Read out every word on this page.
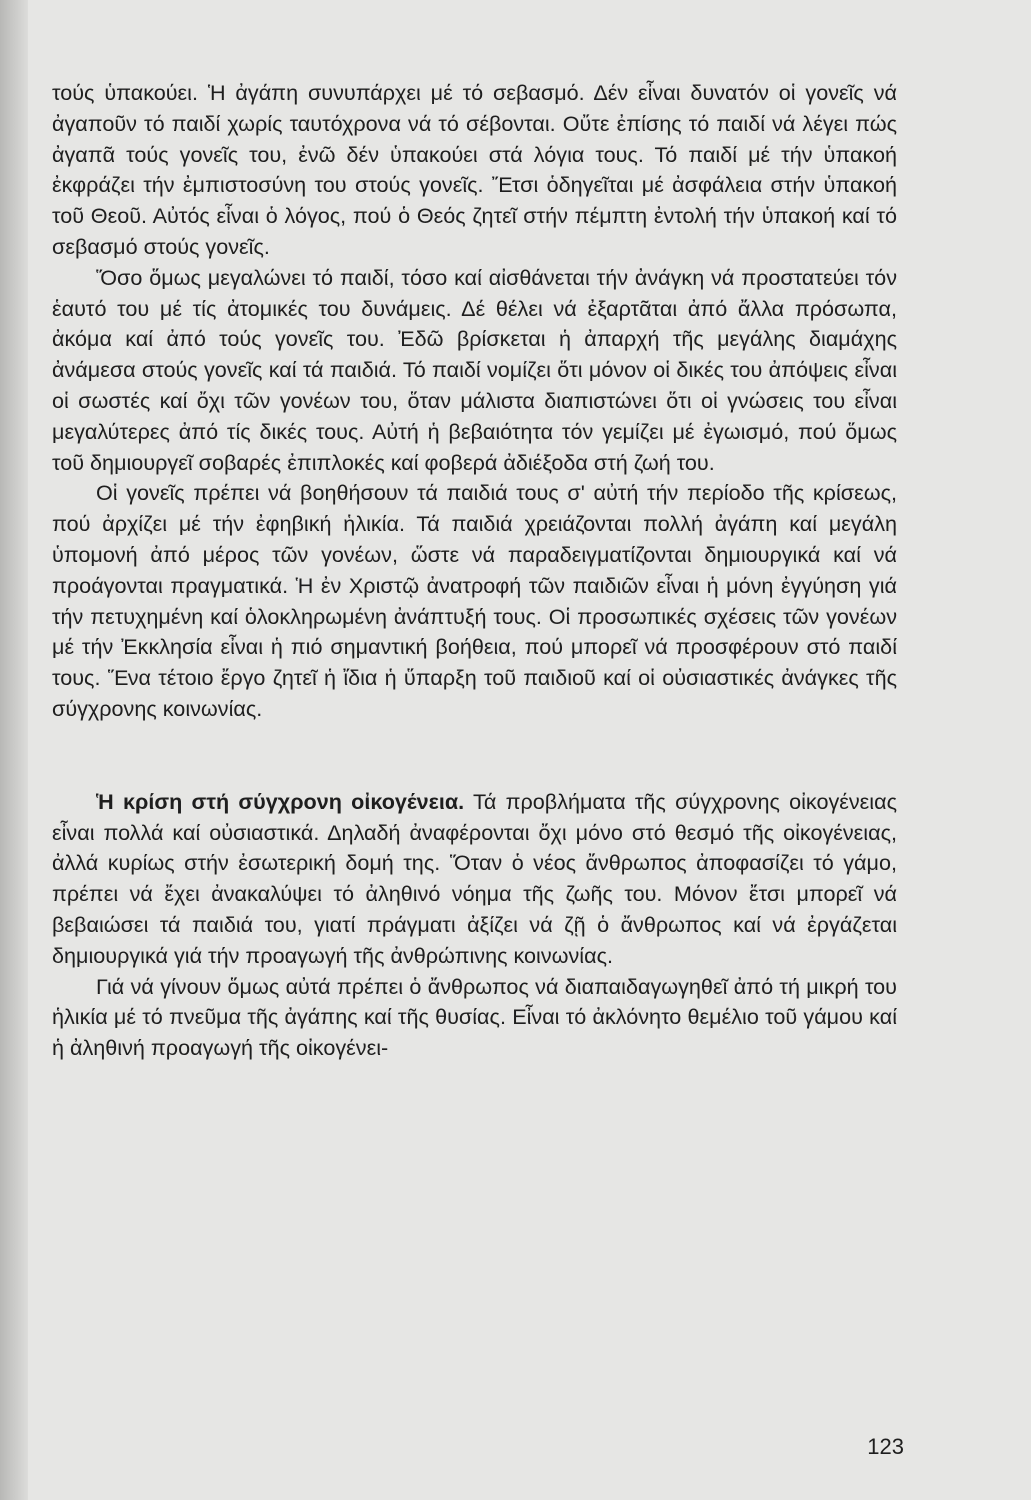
τούς ὑπακούει. Ἡ ἀγάπη συνυπάρχει μέ τό σεβασμό. Δέν εἶναι δυνατόν οἱ γονεῖς νά ἀγαποῦν τό παιδί χωρίς ταυτόχρονα νά τό σέβονται. Οὔτε ἐπίσης τό παιδί νά λέγει πώς ἀγαπᾶ τούς γονεῖς του, ἐνῶ δέν ὑπακούει στά λόγια τους. Τό παιδί μέ τήν ὑπακοή ἐκφράζει τήν ἐμπιστοσύνη του στούς γονεῖς. Ἔτσι ὁδηγεῖται μέ ἀσφάλεια στήν ὑπακοή τοῦ Θεοῦ. Αὐτός εἶναι ὁ λόγος, πού ὁ Θεός ζητεῖ στήν πέμπτη ἐντολή τήν ὑπακοή καί τό σεβασμό στούς γονεῖς.

Ὅσο ὅμως μεγαλώνει τό παιδί, τόσο καί αἰσθάνεται τήν ἀνάγκη νά προστατεύει τόν ἑαυτό του μέ τίς ἀτομικές του δυνάμεις. Δέ θέλει νά ἐξαρτᾶται ἀπό ἄλλα πρόσωπα, ἀκόμα καί ἀπό τούς γονεῖς του. Ἐδῶ βρίσκεται ἡ ἀπαρχή τῆς μεγάλης διαμάχης ἀνάμεσα στούς γονεῖς καί τά παιδιά. Τό παιδί νομίζει ὅτι μόνον οἱ δικές του ἀπόψεις εἶναι οἱ σωστές καί ὄχι τῶν γονέων του, ὅταν μάλιστα διαπιστώνει ὅτι οἱ γνώσεις του εἶναι μεγαλύτερες ἀπό τίς δικές τους. Αὐτή ἡ βεβαιότητα τόν γεμίζει μέ ἐγωισμό, πού ὅμως τοῦ δημιουργεῖ σοβαρές ἐπιπλοκές καί φοβερά ἀδιέξοδα στή ζωή του.

Οἱ γονεῖς πρέπει νά βοηθήσουν τά παιδιά τους σ' αὐτή τήν περίοδο τῆς κρίσεως, πού ἀρχίζει μέ τήν ἐφηβική ἡλικία. Τά παιδιά χρειάζονται πολλή ἀγάπη καί μεγάλη ὑπομονή ἀπό μέρος τῶν γονέων, ὥστε νά παραδειγματίζονται δημιουργικά καί νά προάγονται πραγματικά. Ἡ ἐν Χριστῷ ἀνατροφή τῶν παιδιῶν εἶναι ἡ μόνη ἐγγύηση γιά τήν πετυχημένη καί ὁλοκληρωμένη ἀνάπτυξή τους. Οἱ προσωπικές σχέσεις τῶν γονέων μέ τήν Ἐκκλησία εἶναι ἡ πιό σημαντική βοήθεια, πού μπορεῖ νά προσφέρουν στό παιδί τους. Ἕνα τέτοιο ἔργο ζητεῖ ἡ ἴδια ἡ ὕπαρξη τοῦ παιδιοῦ καί οἱ οὐσιαστικές ἀνάγκες τῆς σύγχρονης κοινωνίας.

Ἡ κρίση στή σύγχρονη οἰκογένεια. Τά προβλήματα τῆς σύγχρονης οἰκογένειας εἶναι πολλά καί οὐσιαστικά. Δηλαδή ἀναφέρονται ὄχι μόνο στό θεσμό τῆς οἰκογένειας, ἀλλά κυρίως στήν ἐσωτερική δομή της. Ὅταν ὁ νέος ἄνθρωπος ἀποφασίζει τό γάμο, πρέπει νά ἔχει ἀνακαλύψει τό ἀληθινό νόημα τῆς ζωῆς του. Μόνον ἔτσι μπορεῖ νά βεβαιώσει τά παιδιά του, γιατί πράγματι ἀξίζει νά ζῇ ὁ ἄνθρωπος καί νά ἐργάζεται δημιουργικά γιά τήν προαγωγή τῆς ἀνθρώπινης κοινωνίας.

Γιά νά γίνουν ὅμως αὐτά πρέπει ὁ ἄνθρωπος νά διαπαιδαγωγηθεῖ ἀπό τή μικρή του ἡλικία μέ τό πνεῦμα τῆς ἀγάπης καί τῆς θυσίας. Εἶναι τό ἀκλόνητο θεμέλιο τοῦ γάμου καί ἡ ἀληθινή προαγωγή τῆς οἰκογένει-

123
